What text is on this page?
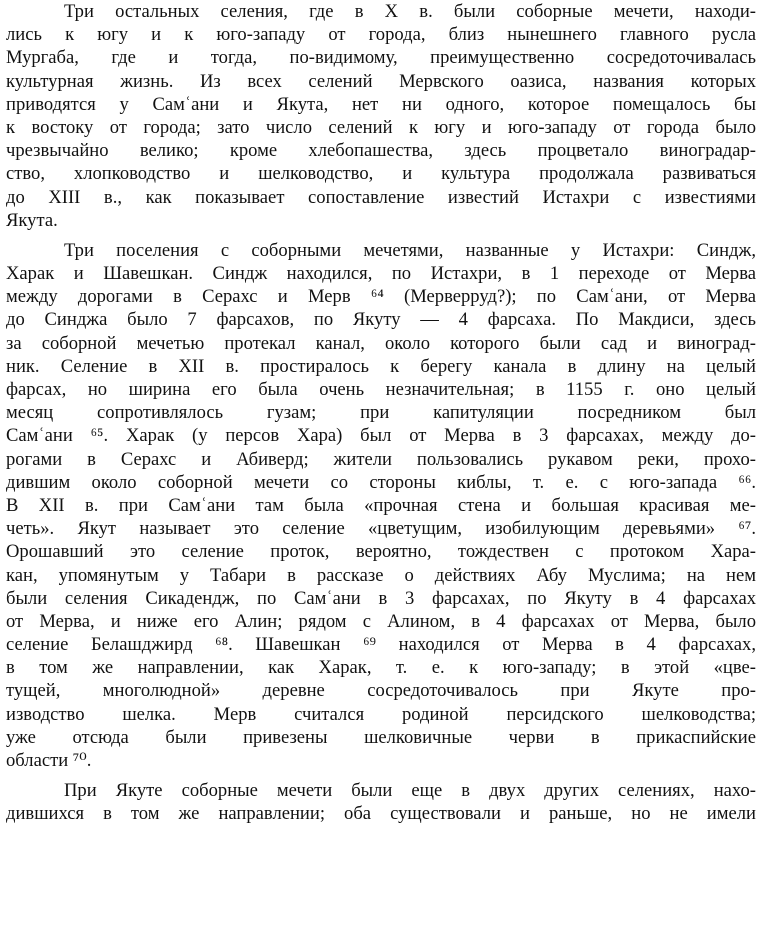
Три остальных селения, где в X в. были соборные мечети, находи-
лись к югу и к юго-западу от города, близ нынешнего главного русла
Мургаба, где и тогда, по-видимому, преимущественно сосредоточивалась
культурная жизнь. Из всех селений Мервского оазиса, названия которых
приводятся у Самʿани и Якута, нет ни одного, которое помещалось бы
к востоку от города; зато число селений к югу и юго-западу от города было
чрезвычайно велико; кроме хлебопашества, здесь процветало виноградар-
ство, хлопководство и шелководство, и культура продолжала развиваться
до XIII в., как показывает сопоставление известий Истахри с известиями
Якута.
Три поселения с соборными мечетями, названные у Истахри: Синдж,
Харак и Шавешкан. Синдж находился, по Истахри, в 1 переходе от Мерва
между дорогами в Серахс и Мерв ⁶⁴ (Мерверруд?); по Самʿани, от Мерва
до Синджа было 7 фарсахов, по Якуту — 4 фарсаха. По Макдиси, здесь
за соборной мечетью протекал канал, около которого были сад и виноград-
ник. Селение в XII в. простиралось к берегу канала в длину на целый
фарсах, но ширина его была очень незначительная; в 1155 г. оно целый
месяц сопротивлялось гузам; при капитуляции посредником был
Самʿани ⁶⁵. Харак (у персов Хара) был от Мерва в 3 фарсахах, между до-
рогами в Серахс и Абиверд; жители пользовались рукавом реки, прохо-
дившим около соборной мечети со стороны киблы, т. е. с юго-запада ⁶⁶.
В XII в. при Самʿани там была «прочная стена и большая красивая ме-
четь». Якут называет это селение «цветущим, изобилующим деревьями» ⁶⁷.
Орошавший это селение проток, вероятно, тождествен с протоком Хара-
кан, упомянутым у Табари в рассказе о действиях Абу Муслима; на нем
были селения Сикадендж, по Самʿани в 3 фарсахах, по Якуту в 4 фарсахах
от Мерва, и ниже его Алин; рядом с Алином, в 4 фарсахах от Мерва, было
селение Белашджирд ⁶⁸. Шавешкан ⁶⁹ находился от Мерва в 4 фарсахах,
в том же направлении, как Харак, т. е. к юго-западу; в этой «цве-
тущей, многолюдной» деревне сосредоточивалось при Якуте про-
изводство шелка. Мерв считался родиной персидского шелководства;
уже отсюда были привезены шелковичные черви в прикаспийские
области ⁷⁰.
При Якуте соборные мечети были еще в двух других селениях, нахо-
дившихся в том же направлении; оба существовали и раньше, но не имели
